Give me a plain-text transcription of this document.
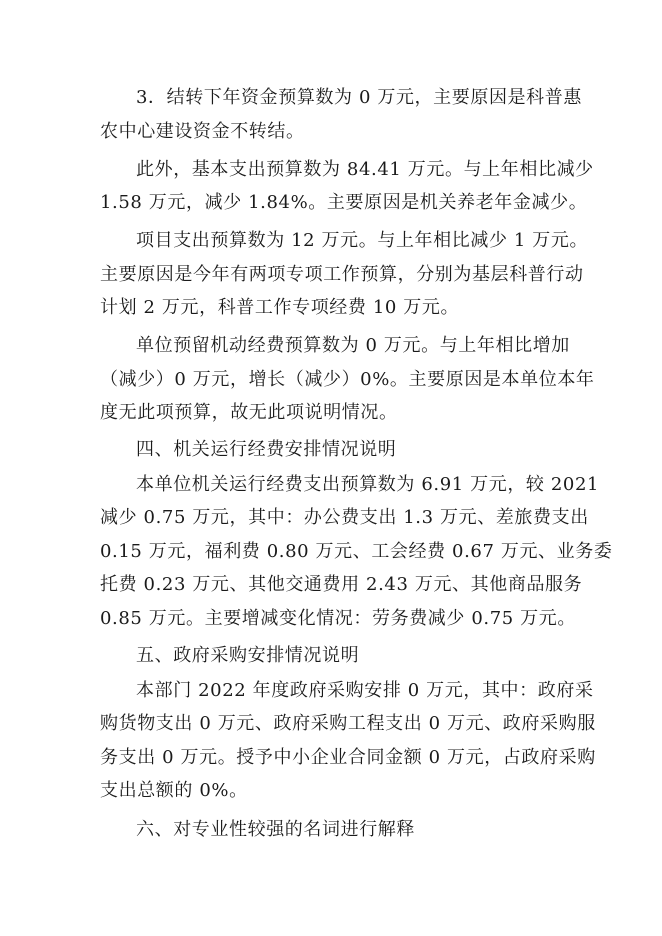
3．结转下年资金预算数为 0 万元，主要原因是科普惠
农中心建设资金不转结。
此外，基本支出预算数为 84.41 万元。与上年相比减少
1.58 万元，减少 1.84%。主要原因是机关养老年金减少。
项目支出预算数为 12 万元。与上年相比减少 1 万元。
主要原因是今年有两项专项工作预算，分别为基层科普行动
计划 2 万元，科普工作专项经费 10 万元。
单位预留机动经费预算数为 0 万元。与上年相比增加
（减少）0 万元，增长（减少）0%。主要原因是本单位本年
度无此项预算，故无此项说明情况。
四、机关运行经费安排情况说明
本单位机关运行经费支出预算数为 6.91 万元，较 2021
减少 0.75 万元，其中：办公费支出 1.3 万元、差旅费支出
0.15 万元，福利费 0.80 万元、工会经费 0.67 万元、业务委
托费 0.23 万元、其他交通费用 2.43 万元、其他商品服务
0.85 万元。主要增减变化情况：劳务费减少 0.75 万元。
五、政府采购安排情况说明
本部门 2022 年度政府采购安排 0 万元，其中：政府采
购货物支出 0 万元、政府采购工程支出 0 万元、政府采购服
务支出 0 万元。授予中小企业合同金额 0 万元，占政府采购
支出总额的 0%。
六、对专业性较强的名词进行解释
